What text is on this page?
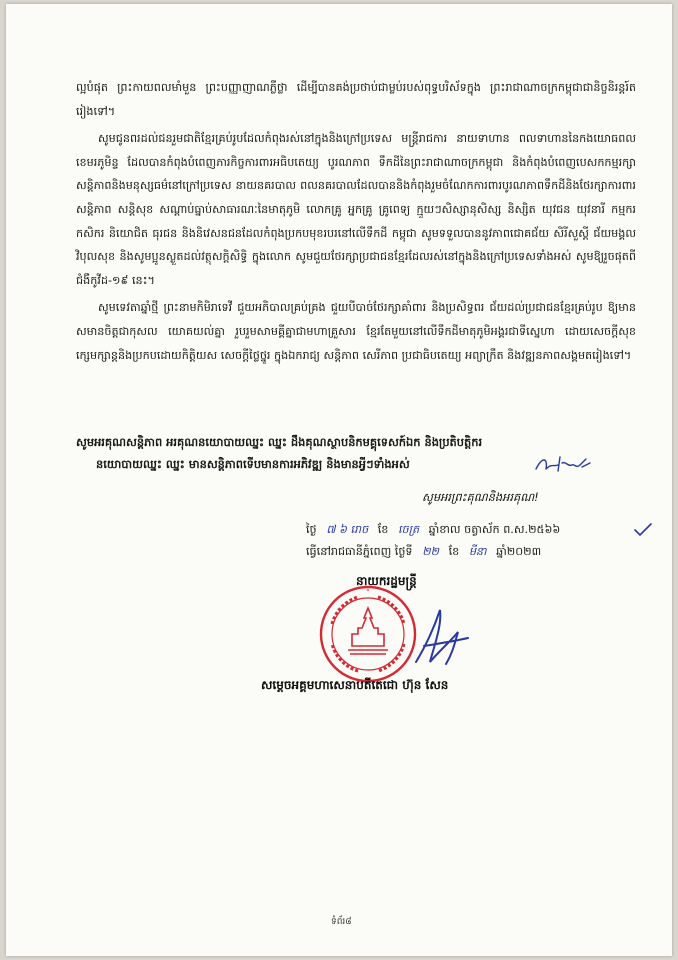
ល្អបំផុត ព្រះកាយពលមាំមួន ព្រះបញ្ញាញាណភ្លឺថ្លា ដើម្បីបានគង់ប្រថាប់ជាម្លប់របស់ពុទ្ធបរិស័ទក្នុង ព្រះរាជាណាចក្រកម្ពុជាជានិច្ចនិរន្តរ៍តរៀងទៅ។

សូមជូនពរដល់ជនរួមជាតិខ្មែរគ្រប់រូបដែលកំពុងរស់នៅក្នុងនិងក្រៅប្រទេស មន្ត្រីរាជការ នាយទាហាន ពលទាហាននៃកងយោធពលខេមរភូមិន្ទ ដែលបានកំពុងបំពេញភារកិច្ចការពារអធិបតេយ្យ បូរណភាព ទឹកដីនៃព្រះរាជាណាចក្រកម្ពុជា និងកំពុងបំពេញបេសកកម្មរក្សាសន្តិភាពនិងមនុស្សធម៌នៅក្រៅប្រទេស នាយនគរបាល ពលនគរបាលដែលបាននិងកំពុងរួមចំណែកការពារបូរណភាពទឹកដីនិងថែរក្សាការពារ សន្តិភាព សន្តិសុខ សណ្តាប់ធ្នាប់សាធារណៈនៃមាតុភូមិ លោកគ្រូ អ្នកគ្រូ គ្រូពេទ្យ ក្មួយៗសិស្សានុសិស្ស និស្សិត យុវជន យុវនារី កម្មករ កសិករ និយោជិត ធុរជន និងនិវេសនជនដែលកំពុងប្រកបមុខរបរនៅលើទឹកដី កម្ពុជា សូមទទួលបាននូវភាពជោគជ័យ សិរីសួស្តី ជ័យមង្គល វិបុលសុខ និងសូមប្អូនស្ងួតដល់វត្ថុសក្តិសិទ្ធិ ក្នុងលោក សូមជួយថែរក្សាប្រជាជនខ្មែរដែលរស់នៅក្នុងនិងក្រៅប្រទេសទាំងអស់ សូមឱ្យរួចផុតពីជំងឺកូវីដ-១៩ នេះ។

សូមទេវតាឆ្នាំថ្មី ព្រះនាមកិមិរាទេវី ជួយអភិបាលគ្រប់គ្រង ជួយបីបាច់ថែរក្សាគាំពារ និងប្រសិទ្ធពរ ជ័យដល់ប្រជាជនខ្មែរគ្រប់រូប ឱ្យមានសមានចិត្តជាកុសល យោគយល់គ្នា រួបរួមសាមគ្គីគ្នាជាមហាគ្រួសារ ខ្មែរតែមួយនៅលើទឹកដីមាតុភូមិអង្គរជាទីស្នេហា ដោយសេចក្តីសុខក្សេមក្សាន្តនិងប្រកបដោយកិត្តិយស សេចក្តីថ្លៃថ្នូរ ក្នុងឯករាជ្យ សន្តិភាព សេរីភាព ប្រជាធិបតេយ្យ អព្យាក្រឹត និងវឌ្ឍនភាពសង្គមតរៀងទៅ។

សូមអរគុណសន្តិភាព អរគុណនយោបាយឈ្នះ ឈ្នះ ដឹងគុណស្ថាបនិកមគ្គុទេសក៍ឯក និងប្រតិបត្តិករ

នយោបាយឈ្នះ ឈ្នះ មានសន្តិភាពទើបមានការអភិវឌ្ឍ និងមានអ្វីៗទាំងអស់

សូមអរព្រះគុណនិងអរគុណ!
ថ្ងៃ ៧ ៦ រោច ខែ ចេត្រ ឆ្នាំខាល ចត្វាស័ក ព.ស.២៥៦៦
ធ្វើនៅរាជធានីភ្នំពេញ ថ្ងៃទី ២២ ខែ មីនា ឆ្នាំ២០២៣
នាយករដ្ឋមន្ត្រី
*
សម្តេចអគ្គមហាសេនាបតីតេជោ ហ៊ុន សែន
ទំព័រ៨
